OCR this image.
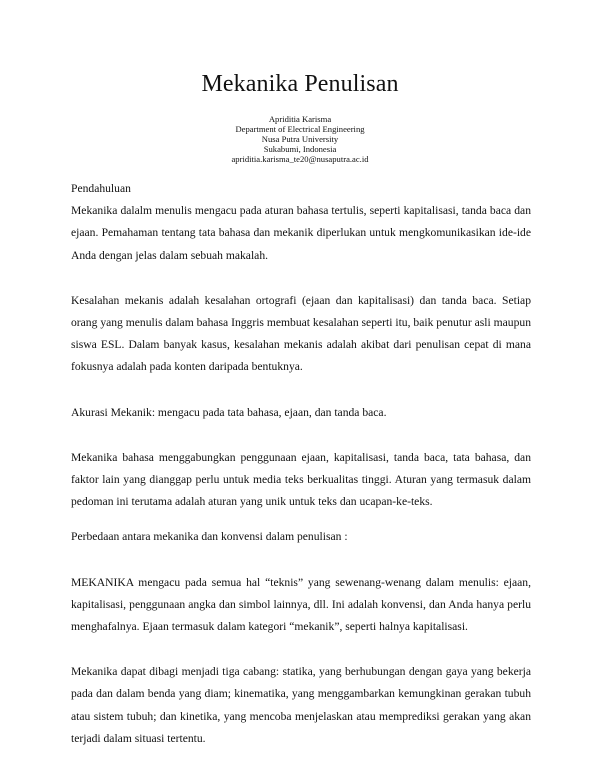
Mekanika Penulisan
Apriditia Karisma
Department of Electrical Engineering
Nusa Putra University
Sukabumi, Indonesia
apriditia.karisma_te20@nusaputra.ac.id

Pendahuluan

Mekanika dalalm menulis mengacu pada aturan bahasa tertulis, seperti kapitalisasi, tanda baca dan ejaan. Pemahaman tentang tata bahasa dan mekanik diperlukan untuk mengkomunikasikan ide-ide Anda dengan jelas dalam sebuah makalah.

Kesalahan mekanis adalah kesalahan ortografi (ejaan dan kapitalisasi) dan tanda baca. Setiap orang yang menulis dalam bahasa Inggris membuat kesalahan seperti itu, baik penutur asli maupun siswa ESL. Dalam banyak kasus, kesalahan mekanis adalah akibat dari penulisan cepat di mana fokusnya adalah pada konten daripada bentuknya.

Akurasi Mekanik: mengacu pada tata bahasa, ejaan, dan tanda baca.

Mekanika bahasa menggabungkan penggunaan ejaan, kapitalisasi, tanda baca, tata bahasa, dan faktor lain yang dianggap perlu untuk media teks berkualitas tinggi. Aturan yang termasuk dalam pedoman ini terutama adalah aturan yang unik untuk teks dan ucapan-ke-teks.

Perbedaan antara mekanika dan konvensi dalam penulisan :

MEKANIKA mengacu pada semua hal “teknis” yang sewenang-wenang dalam menulis: ejaan, kapitalisasi, penggunaan angka dan simbol lainnya, dll. Ini adalah konvensi, dan Anda hanya perlu menghafalnya. Ejaan termasuk dalam kategori “mekanik”, seperti halnya kapitalisasi.

Mekanika dapat dibagi menjadi tiga cabang: statika, yang berhubungan dengan gaya yang bekerja pada dan dalam benda yang diam; kinematika, yang menggambarkan kemungkinan gerakan tubuh atau sistem tubuh; dan kinetika, yang mencoba menjelaskan atau memprediksi gerakan yang akan terjadi dalam situasi tertentu.
